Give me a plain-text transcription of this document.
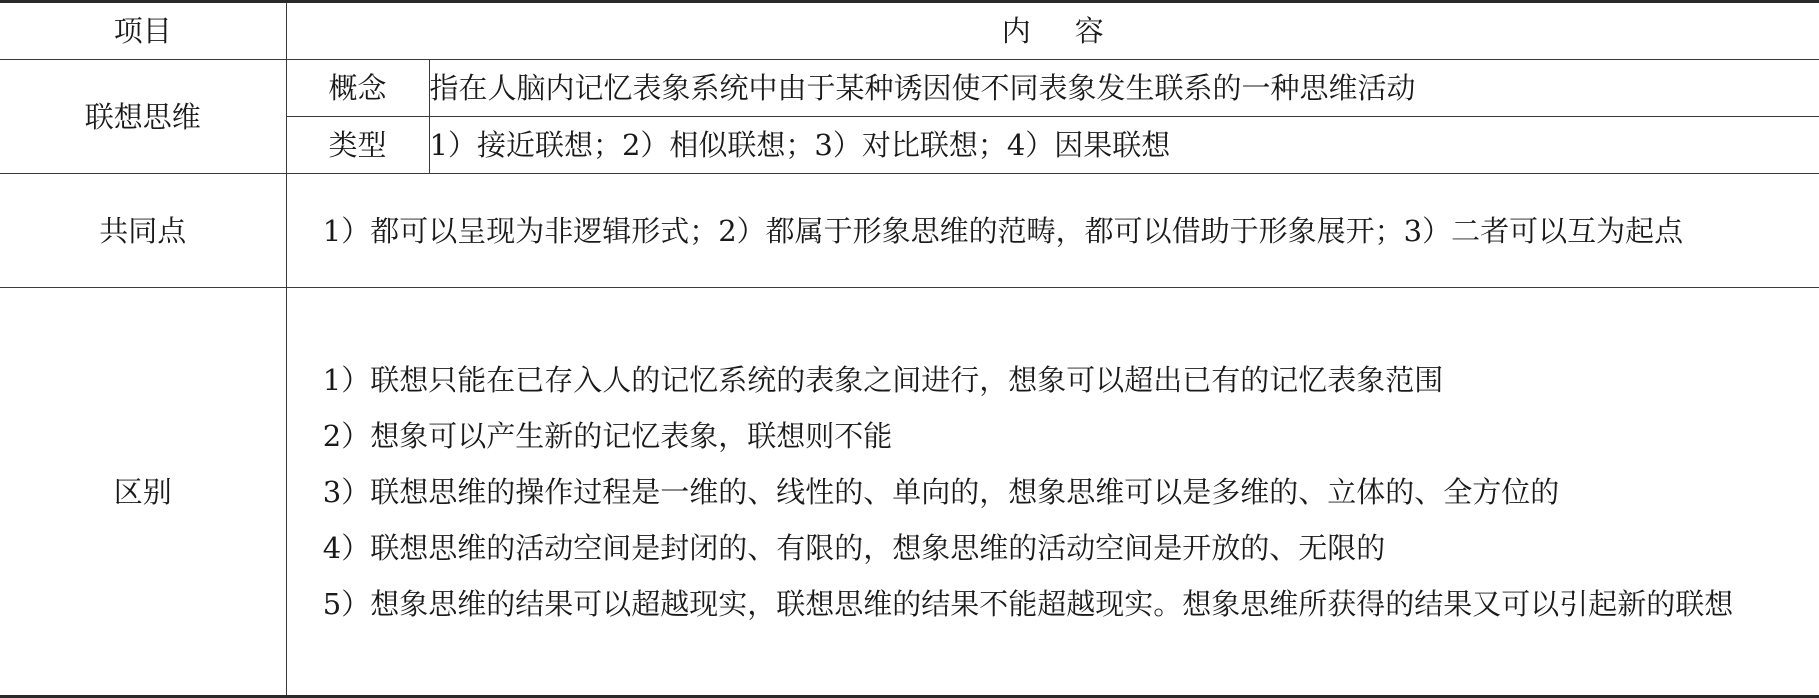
项目	内容	
联想思维	概念	指在人脑内记忆表象系统中由于某种诱因使不同表象发生联系的一种思维活动
	类型	1）接近联想；2）相似联想；3）对比联想；4）因果联想
共同点	1）都可以呈现为非逻辑形式；2）都属于形象思维的范畴，都可以借助于形象展开；3）二者可以互为起点	

区别	1）联想只能在已存入人的记忆系统的表象之间进行，想象可以超出已有的记忆表象范围
2）想象可以产生新的记忆表象，联想则不能
3）联想思维的操作过程是一维的、线性的、单向的，想象思维可以是多维的、立体的、全方位的
4）联想思维的活动空间是封闭的、有限的，想象思维的活动空间是开放的、无限的
5）想象思维的结果可以超越现实，联想思维的结果不能超越现实。想象思维所获得的结果又可以引起新的联想	
